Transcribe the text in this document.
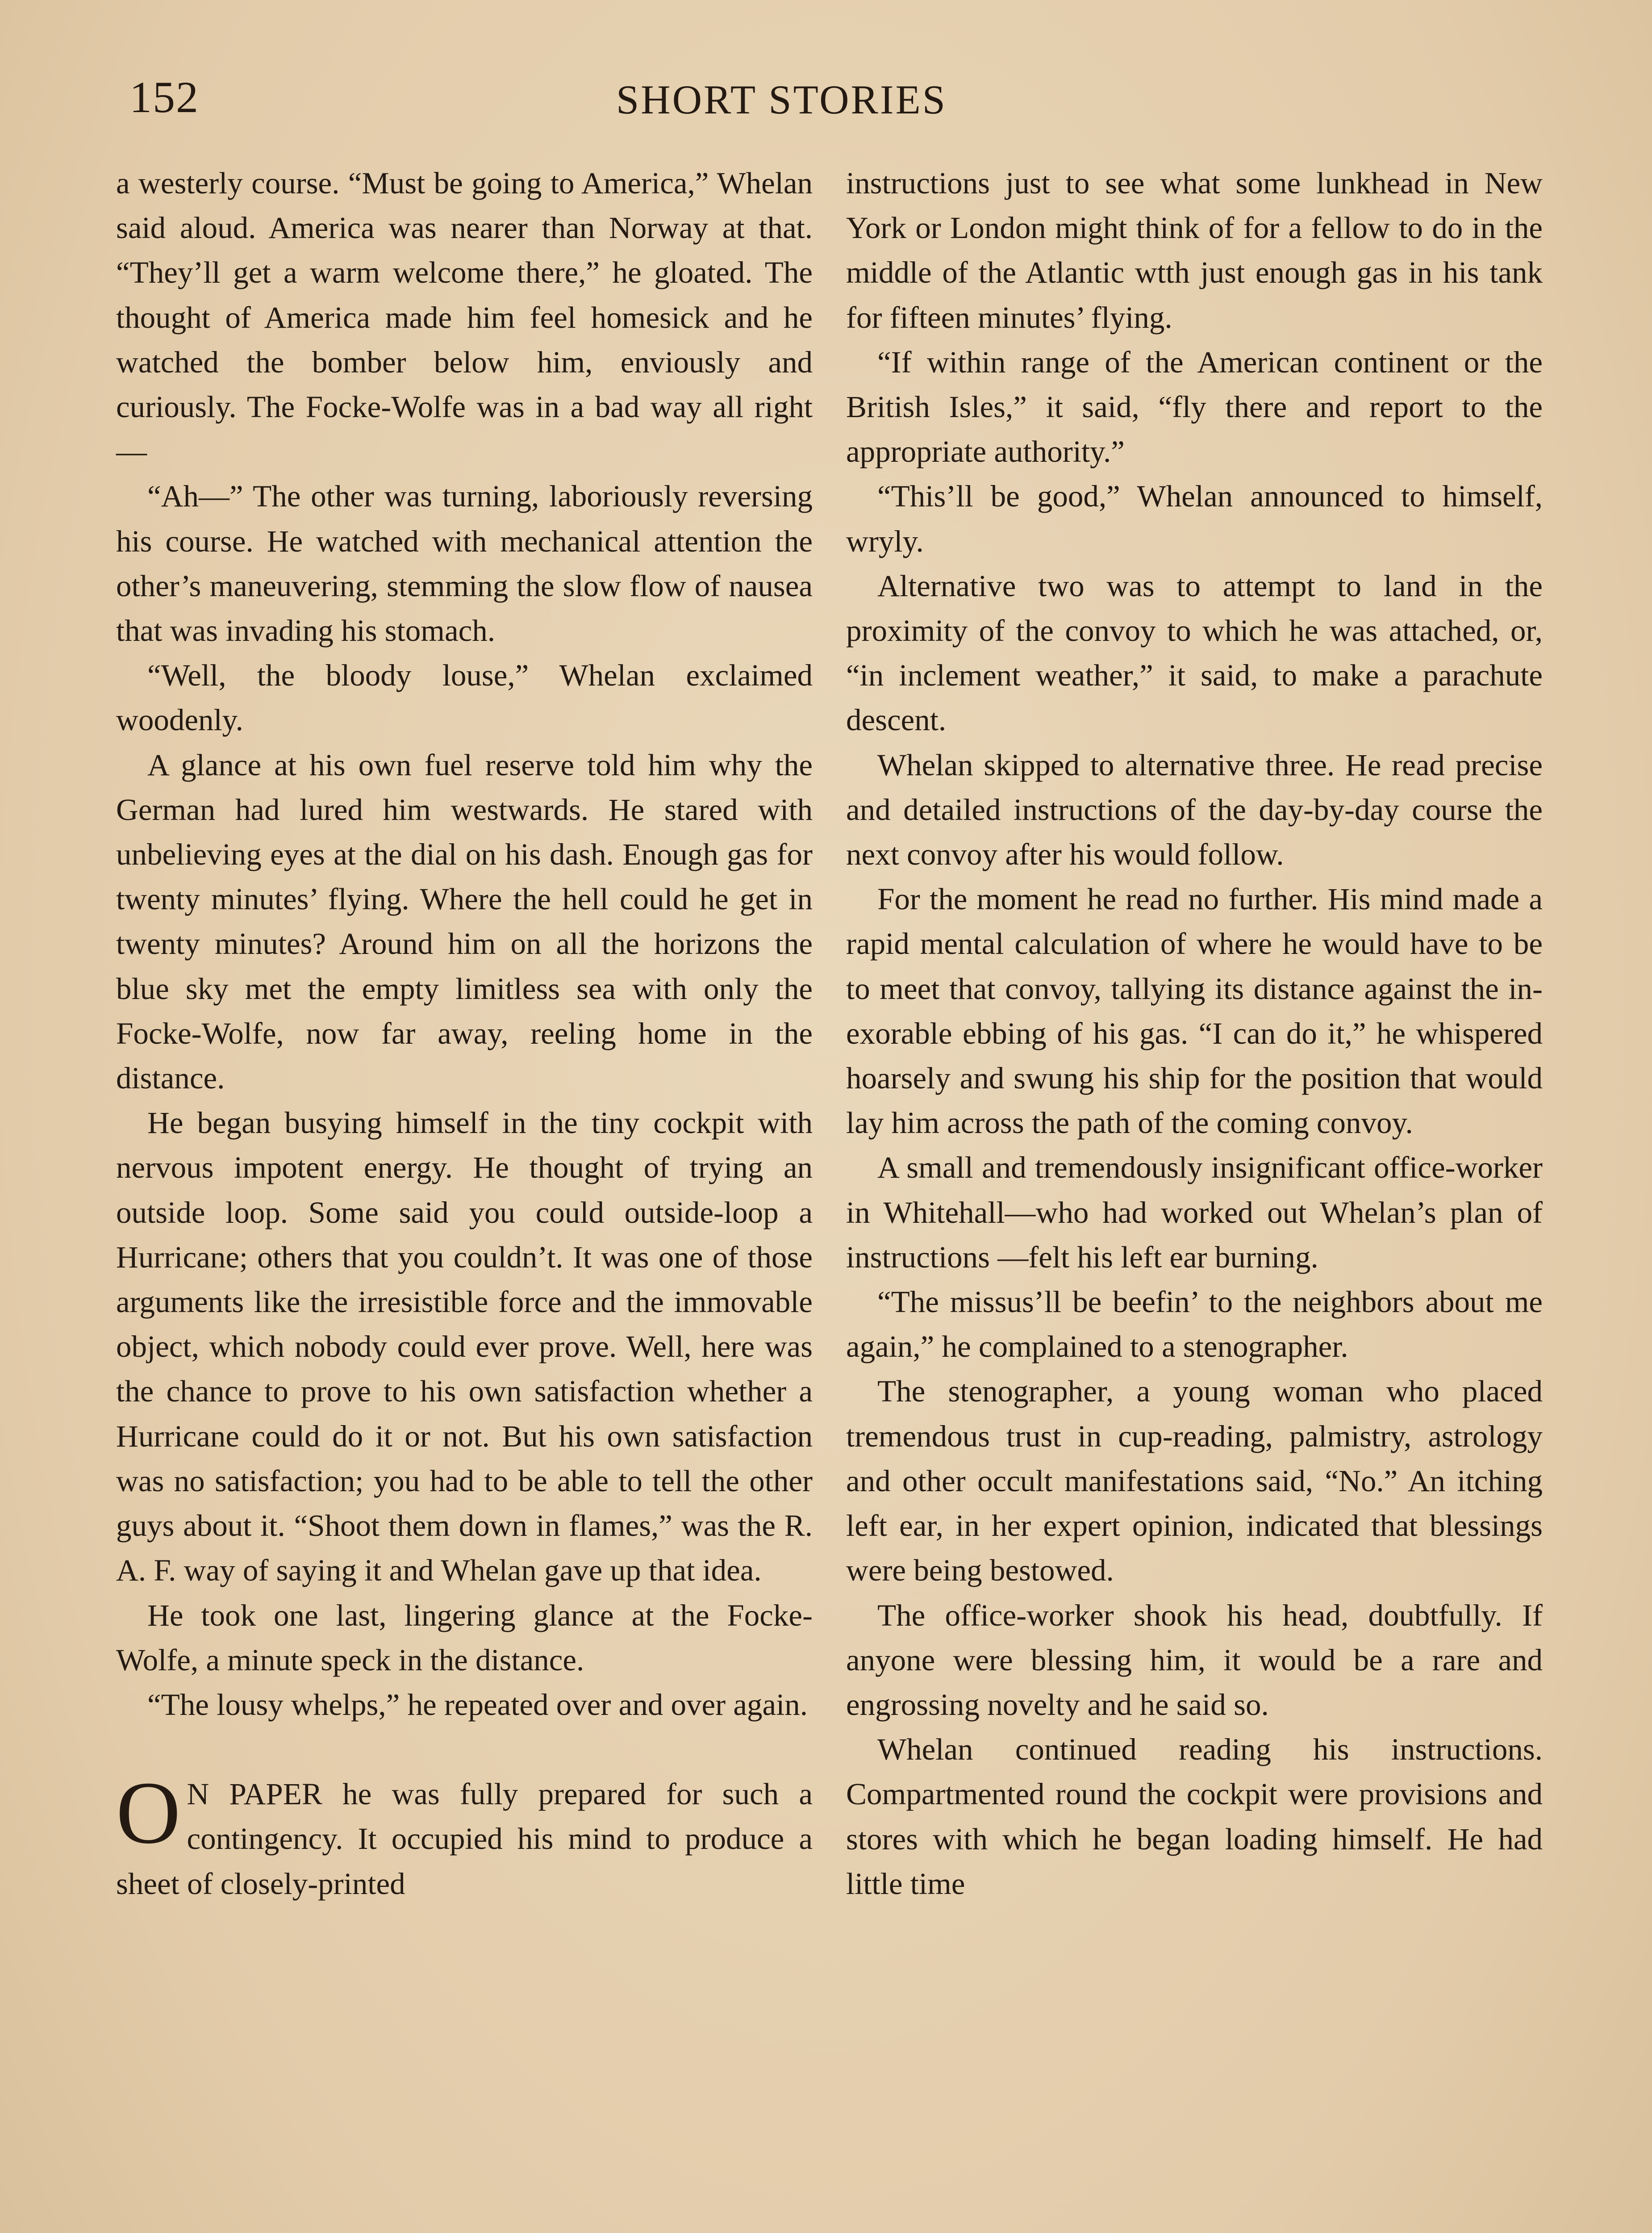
152	SHORT STORIES

a westerly course. “Must be going to America,” Whelan said aloud. America was nearer than Norway at that. “They’ll get a warm welcome there,” he gloated. The thought of America made him feel homesick and he watched the bomber below him, enviously and curiously. The Focke-Wolfe was in a bad way all right—

“Ah—” The other was turning, laboriously reversing his course. He watched with mechanical attention the other’s maneuvering, stemming the slow flow of nausea that was invading his stomach.

“Well, the bloody louse,” Whelan exclaimed woodenly.

A glance at his own fuel reserve told him why the German had lured him westwards. He stared with unbelieving eyes at the dial on his dash. Enough gas for twenty minutes’ flying. Where the hell could he get in twenty minutes? Around him on all the horizons the blue sky met the empty limitless sea with only the Focke-Wolfe, now far away, reeling home in the distance.

He began busying himself in the tiny cockpit with nervous impotent energy. He thought of trying an outside loop. Some said you could outside-loop a Hurricane; others that you couldn’t. It was one of those arguments like the irresistible force and the immovable object, which nobody could ever prove. Well, here was the chance to prove to his own satisfaction whether a Hurricane could do it or not. But his own satisfaction was no satisfaction; you had to be able to tell the other guys about it. “Shoot them down in flames,” was the R. A. F. way of saying it and Whelan gave up that idea.

He took one last, lingering glance at the Focke-Wolfe, a minute speck in the distance.

“The lousy whelps,” he repeated over and over again.

O N PAPER he was fully prepared for such a contingency. It occupied his mind to produce a sheet of closely-printed

instructions just to see what some lunkhead in New York or London might think of for a fellow to do in the middle of the Atlantic wtth just enough gas in his tank for fifteen minutes’ flying.

“If within range of the American continent or the British Isles,” it said, “fly there and report to the appropriate authority.”

“This’ll be good,” Whelan announced to himself, wryly.

Alternative two was to attempt to land in the proximity of the convoy to which he was attached, or, “in inclement weather,” it said, to make a parachute descent.

Whelan skipped to alternative three. He read precise and detailed instructions of the day-by-day course the next convoy after his would follow.

For the moment he read no further. His mind made a rapid mental calculation of where he would have to be to meet that convoy, tallying its distance against the inexorable ebbing of his gas. “I can do it,” he whispered hoarsely and swung his ship for the position that would lay him across the path of the coming convoy.

A small and tremendously insignificant office-worker in Whitehall—who had worked out Whelan’s plan of instructions —felt his left ear burning.

“The missus’ll be beefin’ to the neighbors about me again,” he complained to a stenographer.

The stenographer, a young woman who placed tremendous trust in cup-reading, palmistry, astrology and other occult manifestations said, “No.” An itching left ear, in her expert opinion, indicated that blessings were being bestowed.

The office-worker shook his head, doubtfully. If anyone were blessing him, it would be a rare and engrossing novelty and he said so.

Whelan continued reading his instructions. Compartmented round the cockpit were provisions and stores with which he began loading himself. He had little time
